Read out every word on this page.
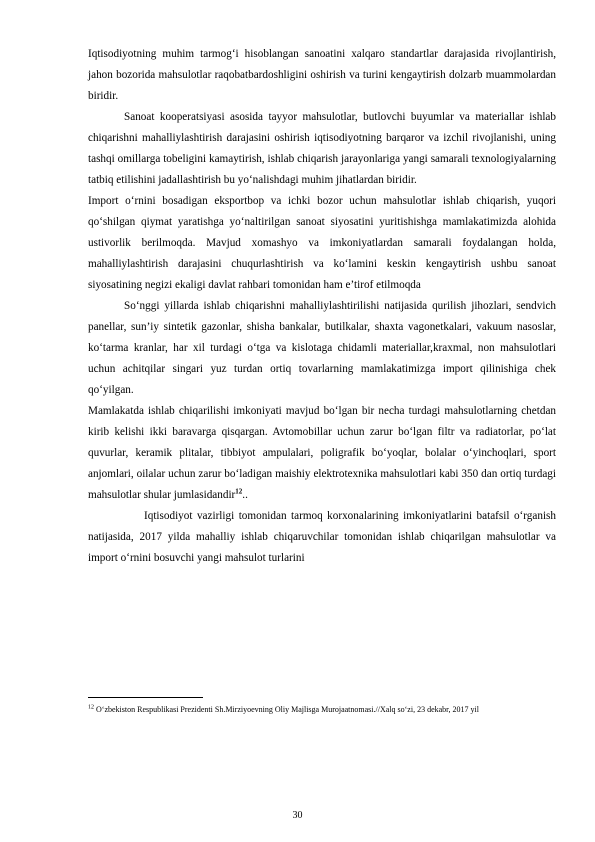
Iqtisodiyotning muhim tarmog‘i hisoblangan sanoatini xalqaro standartlar darajasida rivojlantirish, jahon bozorida mahsulotlar raqobatbardoshligini oshirish va turini kengaytirish dolzarb muammolardan biridir.

Sanoat kooperatsiyasi asosida tayyor mahsulotlar, butlovchi buyumlar va materiallar ishlab chiqarishni mahalliylashtirish darajasini oshirish iqtisodiyotning barqaror va izchil rivojlanishi, uning tashqi omillarga tobeligini kamaytirish, ishlab chiqarish jarayonlariga yangi samarali texnologiyalarning tatbiq etilishini jadallashtirish bu yo‘nalishdagi muhim jihatlardan biridir.

Import o‘rnini bosadigan eksportbop va ichki bozor uchun mahsulotlar ishlab chiqarish, yuqori qo‘shilgan qiymat yaratishga yo‘naltirilgan sanoat siyosatini yuritishishga mamlakatimizda alohida ustivorlik berilmoqda. Mavjud xomashyo va imkoniyatlardan samarali foydalangan holda, mahalliylashtirish darajasini chuqurlashtirish va ko‘lamini keskin kengaytirish ushbu sanoat siyosatining negizi ekaligi davlat rahbari tomonidan ham e’tirof etilmoqda

So‘nggi yillarda ishlab chiqarishni mahalliylashtirilishi natijasida qurilish jihozlari, sendvich panellar, sun’iy sintetik gazonlar, shisha bankalar, butilkalar, shaxta vagonetkalari, vakuum nasoslar, ko‘tarma kranlar, har xil turdagi o‘tga va kislotaga chidamli materiallar,kraxmal, non mahsulotlari uchun achitqilar singari yuz turdan ortiq tovarlarning mamlakatimizga import qilinishiga chek qo‘yilgan.

Mamlakatda ishlab chiqarilishi imkoniyati mavjud bo‘lgan bir necha turdagi mahsulotlarning chetdan kirib kelishi ikki baravarga qisqargan. Avtomobillar uchun zarur bo‘lgan filtr va radiatorlar, po‘lat quvurlar, keramik plitalar, tibbiyot ampulalari, poligrafik bo‘yoqlar, bolalar o‘yinchoqlari, sport anjomlari, oilalar uchun zarur bo‘ladigan maishiy elektrotexnika mahsulotlari kabi 350 dan ortiq turdagi mahsulotlar shular jumlasidandir$^{12}$..

Iqtisodiyot vazirligi tomonidan tarmoq korxonalarining imkoniyatlarini batafsil o‘rganish natijasida, 2017 yilda mahalliy ishlab chiqaruvchilar tomonidan ishlab chiqarilgan mahsulotlar va import o‘rnini bosuvchi yangi mahsulot turlarini

$^{12}$ O‘zbekiston Respublikasi Prezidenti Sh.Mirziyoevning Oliy Majlisga Murojaatnomasi.//Xalq so‘zi, 23 dekabr, 2017 yil
30
